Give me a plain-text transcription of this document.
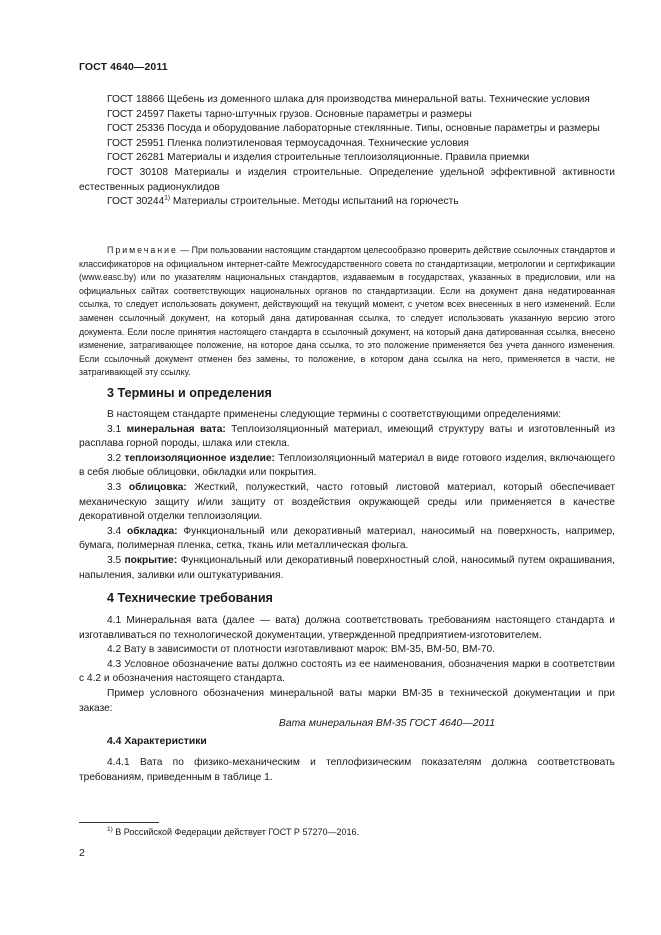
ГОСТ 4640—2011

ГОСТ 18866 Щебень из доменного шлака для производства минеральной ваты. Технические условия

ГОСТ 24597 Пакеты тарно-штучных грузов. Основные параметры и размеры

ГОСТ 25336 Посуда и оборудование лабораторные стеклянные. Типы, основные параметры и размеры

ГОСТ 25951 Пленка полиэтиленовая термоусадочная. Технические условия

ГОСТ 26281 Материалы и изделия строительные теплоизоляционные. Правила приемки

ГОСТ 30108 Материалы и изделия строительные. Определение удельной эффективной активности естественных радионуклидов

ГОСТ 30244$^{1)}$ Материалы строительные. Методы испытаний на горючесть

Примечание — При пользовании настоящим стандартом целесообразно проверить действие ссылочных стандартов и классификаторов на официальном интернет-сайте Межгосударственного совета по стандартизации, метрологии и сертификации (www.easc.by) или по указателям национальных стандартов, издаваемым в государствах, указанных в предисловии, или на официальных сайтах соответствующих национальных органов по стандартизации. Если на документ дана недатированная ссылка, то следует использовать документ, действующий на текущий момент, с учетом всех внесенных в него изменений. Если заменен ссылочный документ, на который дана датированная ссылка, то следует использовать указанную версию этого документа. Если после принятия настоящего стандарта в ссылочный документ, на который дана датированная ссылка, внесено изменение, затрагивающее положение, на которое дана ссылка, то это положение применяется без учета данного изменения. Если ссылочный документ отменен без замены, то положение, в котором дана ссылка на него, применяется в части, не затрагивающей эту ссылку.

3 Термины и определения

В настоящем стандарте применены следующие термины с соответствующими определениями:

3.1 минеральная вата: Теплоизоляционный материал, имеющий структуру ваты и изготовленный из расплава горной породы, шлака или стекла.

3.2 теплоизоляционное изделие: Теплоизоляционный материал в виде готового изделия, включающего в себя любые облицовки, обкладки или покрытия.

3.3 облицовка: Жесткий, полужесткий, часто готовый листовой материал, который обеспечивает механическую защиту и/или защиту от воздействия окружающей среды или применяется в качестве декоративной отделки теплоизоляции.

3.4 обкладка: Функциональный или декоративный материал, наносимый на поверхность, например, бумага, полимерная пленка, сетка, ткань или металлическая фольга.

3.5 покрытие: Функциональный или декоративный поверхностный слой, наносимый путем окрашивания, напыления, заливки или оштукатуривания.

4 Технические требования

4.1 Минеральная вата (далее — вата) должна соответствовать требованиям настоящего стандарта и изготавливаться по технологической документации, утвержденной предприятием-изготовителем.

4.2 Вату в зависимости от плотности изготавливают марок: ВМ-35, ВМ-50, ВМ-70.

4.3 Условное обозначение ваты должно состоять из ее наименования, обозначения марки в соответствии с 4.2 и обозначения настоящего стандарта.

Пример условного обозначения минеральной ваты марки ВМ-35 в технической документации и при заказе:

Вата минеральная ВМ-35 ГОСТ 4640—2011

4.4 Характеристики

4.4.1 Вата по физико-механическим и теплофизическим показателям должна соответствовать требованиям, приведенным в таблице 1.

$^{1)}$ В Российской Федерации действует ГОСТ Р 57270—2016.
2
